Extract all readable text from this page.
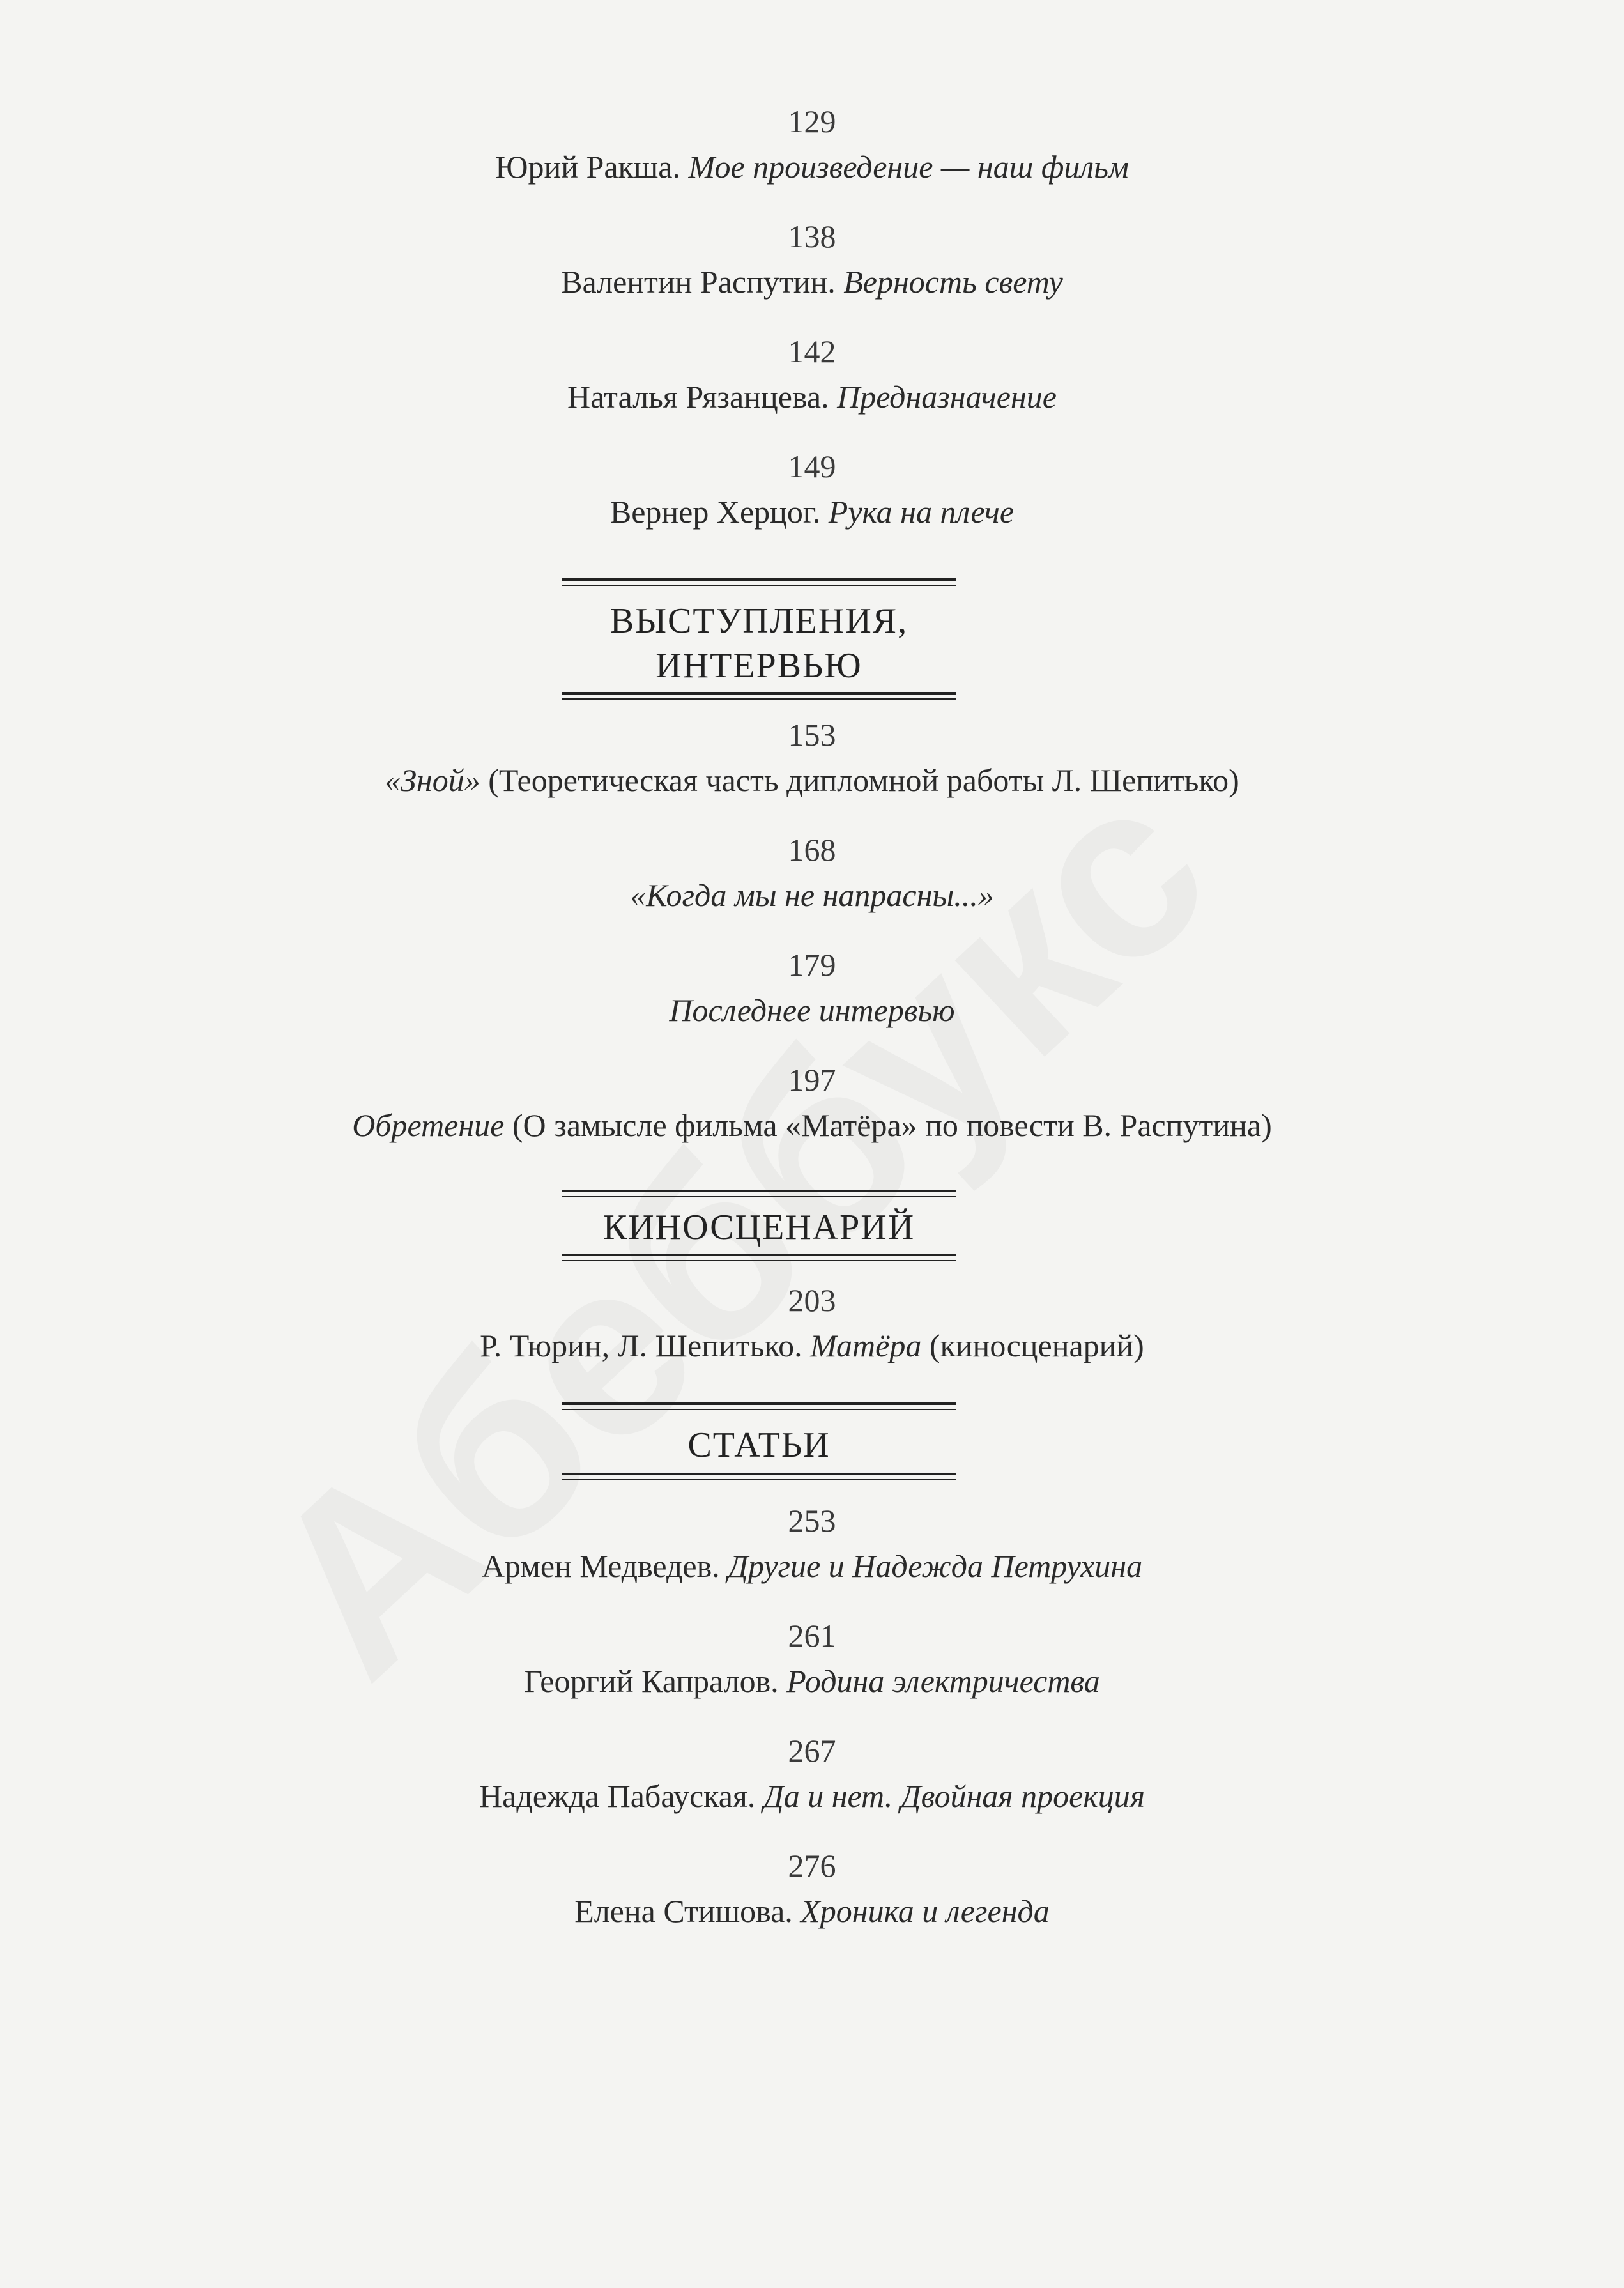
129
Юрий Ракша. Мое произведение — наш фильм
138
Валентин Распутин. Верность свету
142
Наталья Рязанцева. Предназначение
149
Вернер Херцог. Рука на плече
ВЫСТУПЛЕНИЯ,
ИНТЕРВЬЮ
153
«Зной» (Теоретическая часть дипломной работы Л. Шепитько)
168
«Когда мы не напрасны...»
179
Последнее интервью
197
Обретение (О замысле фильма «Матёра» по повести В. Распутина)
КИНОСЦЕНАРИЙ
203
Р. Тюрин, Л. Шепитько. Матёра (киносценарий)
СТАТЬИ
253
Армен Медведев. Другие и Надежда Петрухина
261
Георгий Капралов. Родина электричества
267
Надежда Пабауская. Да и нет. Двойная проекция
276
Елена Стишова. Хроника и легенда
